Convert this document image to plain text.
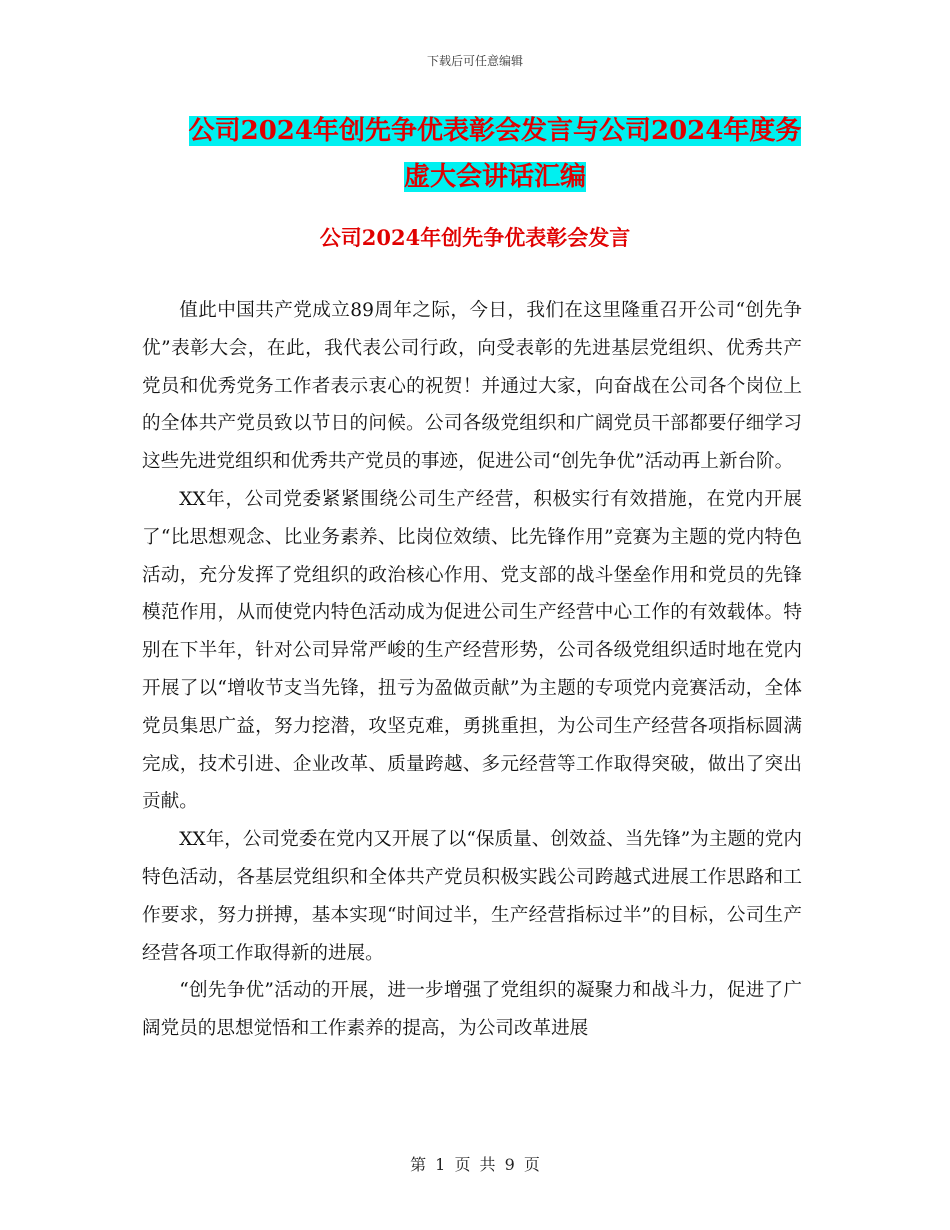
下载后可任意编辑
公司2024年创先争优表彰会发言与公司2024年度务
虚大会讲话汇编
公司2024年创先争优表彰会发言

值此中国共产党成立89周年之际，今日，我们在这里隆重召开公司“创先争优”表彰大会，在此，我代表公司行政，向受表彰的先进基层党组织、优秀共产党员和优秀党务工作者表示衷心的祝贺！并通过大家，向奋战在公司各个岗位上的全体共产党员致以节日的问候。公司各级党组织和广阔党员干部都要仔细学习这些先进党组织和优秀共产党员的事迹，促进公司“创先争优”活动再上新台阶。

XX年，公司党委紧紧围绕公司生产经营，积极实行有效措施，在党内开展了“比思想观念、比业务素养、比岗位效绩、比先锋作用”竞赛为主题的党内特色活动，充分发挥了党组织的政治核心作用、党支部的战斗堡垒作用和党员的先锋模范作用，从而使党内特色活动成为促进公司生产经营中心工作的有效载体。特别在下半年，针对公司异常严峻的生产经营形势，公司各级党组织适时地在党内开展了以“增收节支当先锋，扭亏为盈做贡献”为主题的专项党内竞赛活动，全体党员集思广益，努力挖潜，攻坚克难，勇挑重担，为公司生产经营各项指标圆满完成，技术引进、企业改革、质量跨越、多元经营等工作取得突破，做出了突出贡献。

XX年，公司党委在党内又开展了以“保质量、创效益、当先锋”为主题的党内特色活动，各基层党组织和全体共产党员积极实践公司跨越式进展工作思路和工作要求，努力拼搏，基本实现“时间过半，生产经营指标过半”的目标，公司生产经营各项工作取得新的进展。

“创先争优”活动的开展，进一步增强了党组织的凝聚力和战斗力，促进了广阔党员的思想觉悟和工作素养的提高，为公司改革进展

第 1 页 共 9 页
